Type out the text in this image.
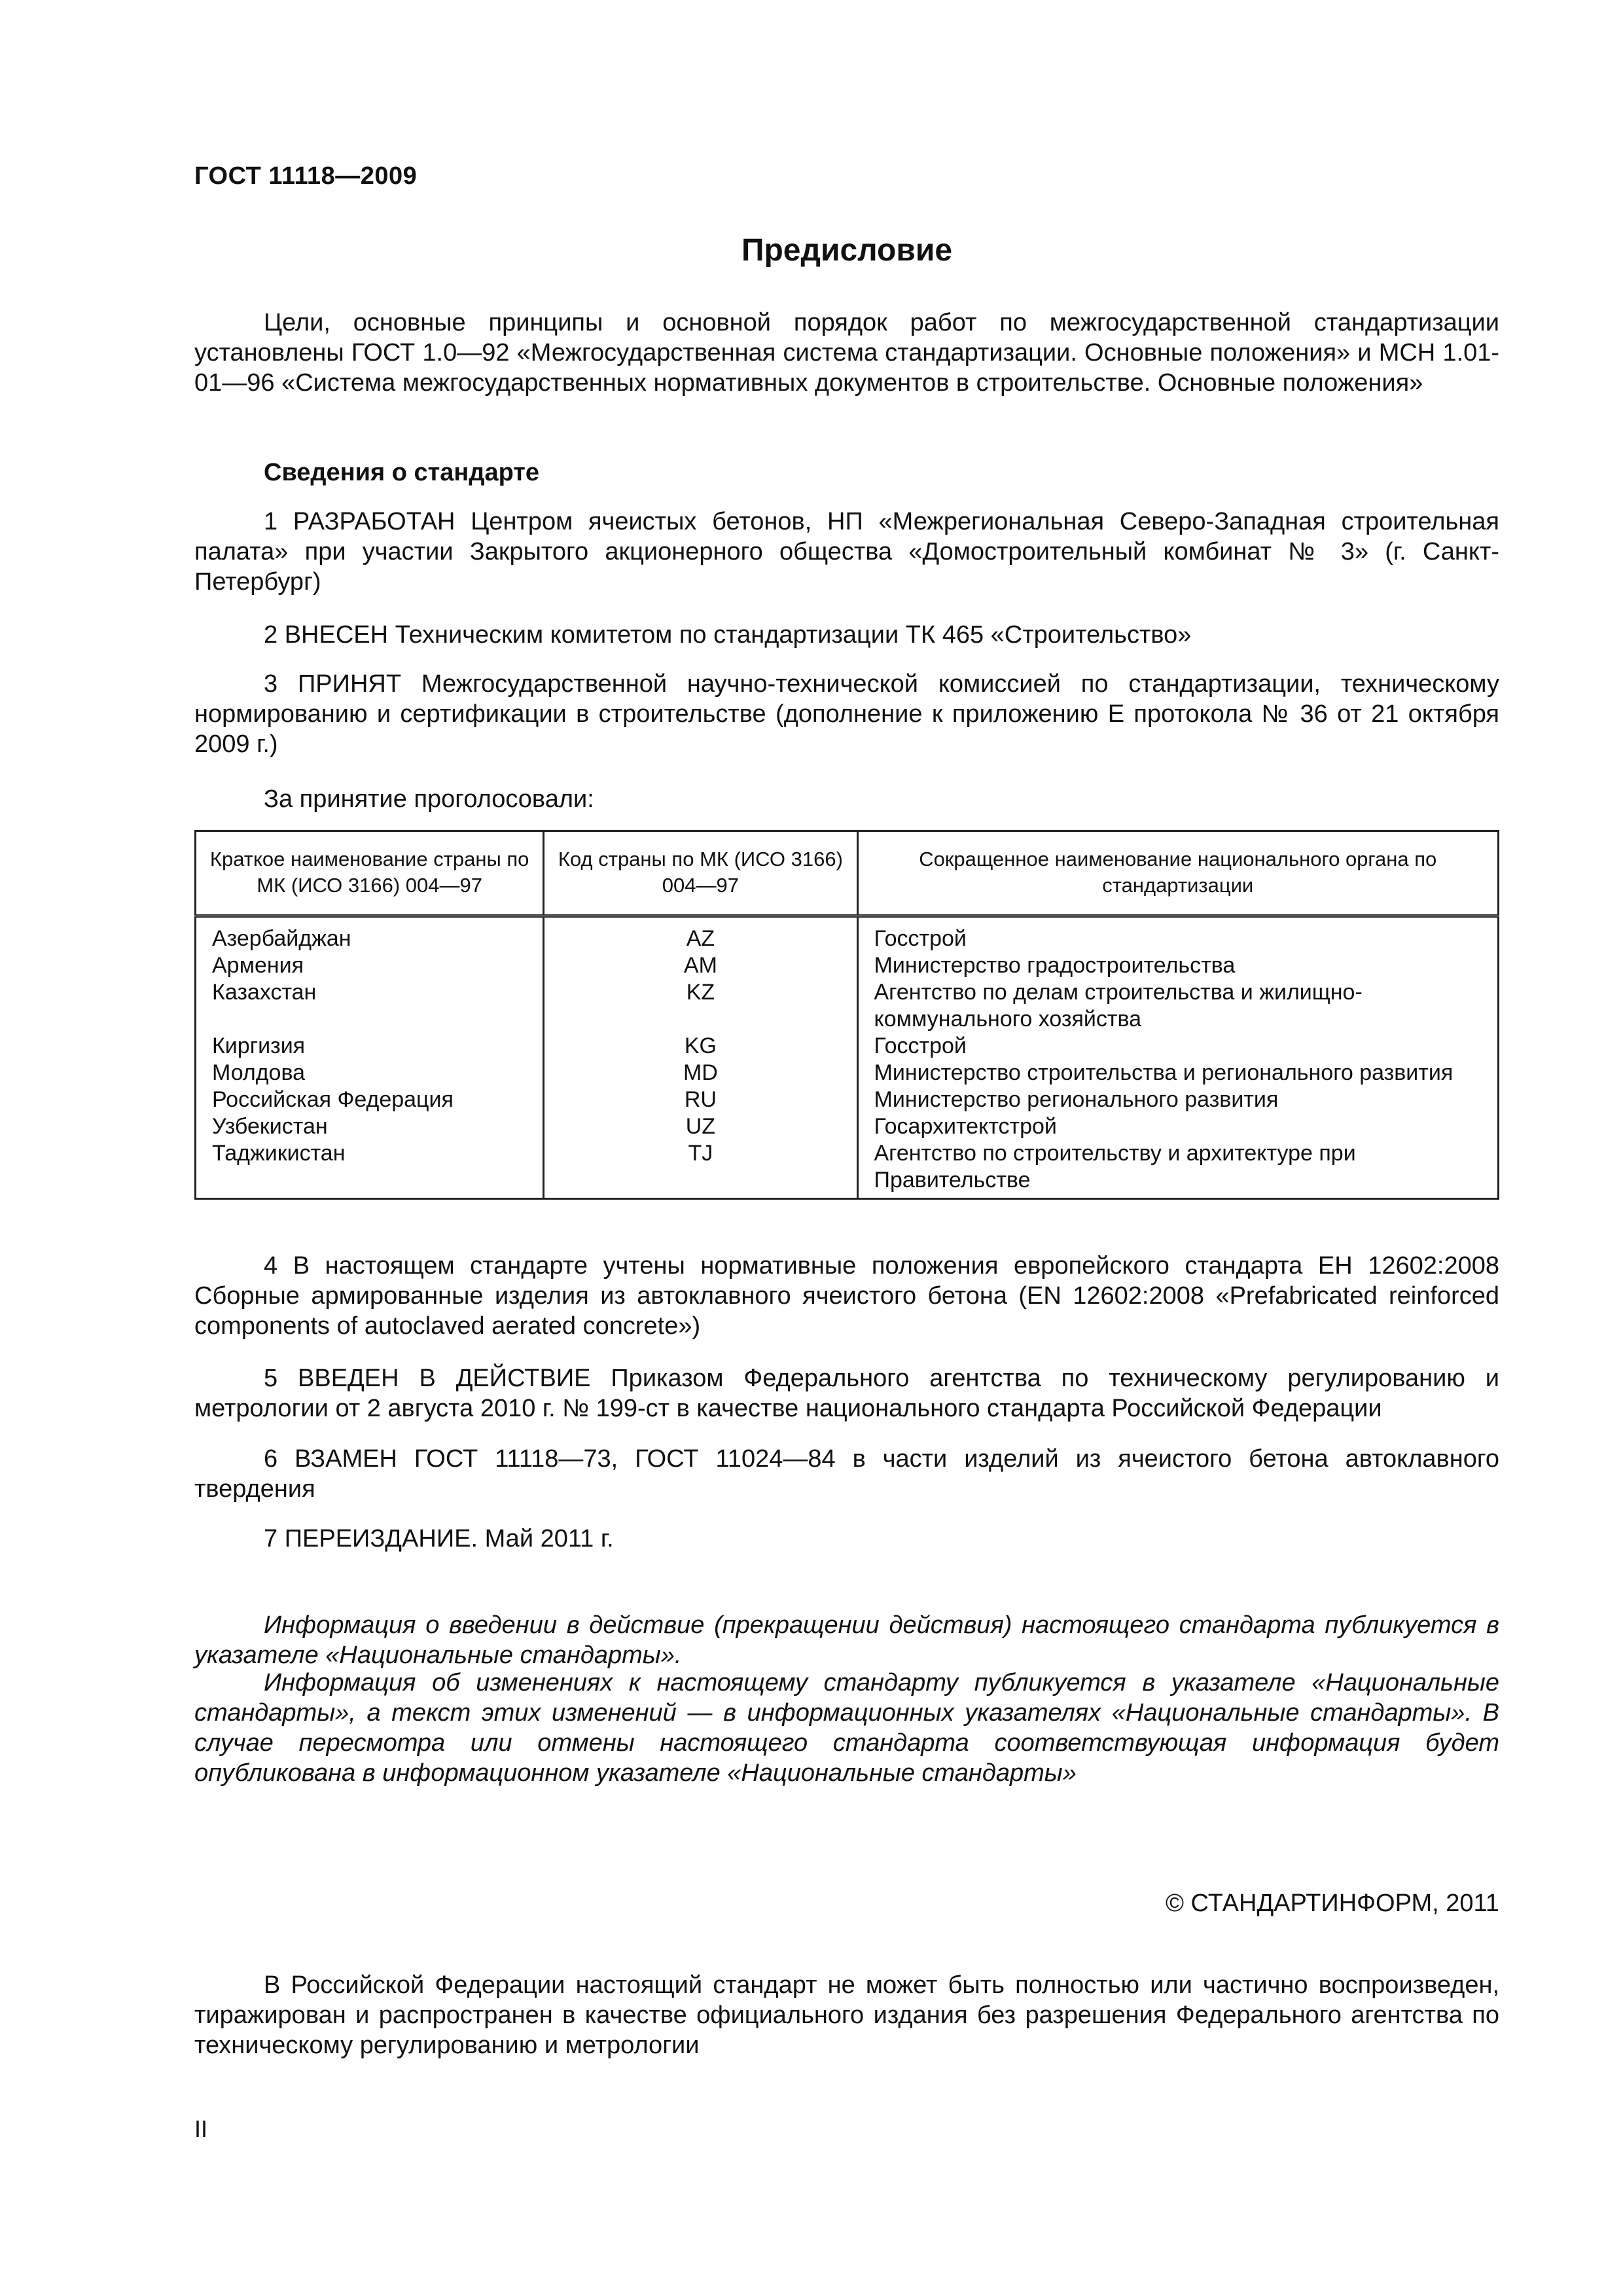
ГОСТ 11118—2009
Предисловие

Цели, основные принципы и основной порядок работ по межгосударственной стандартизации установлены ГОСТ 1.0—92 «Межгосударственная система стандартизации. Основные положения» и МСН 1.01-01—96 «Система межгосударственных нормативных документов в строительстве. Основные положения»

Сведения о стандарте

1 РАЗРАБОТАН Центром ячеистых бетонов, НП «Межрегиональная Северо-Западная строительная палата» при участии Закрытого акционерного общества «Домостроительный комбинат № 3» (г. Санкт-Петербург)

2 ВНЕСЕН Техническим комитетом по стандартизации ТК 465 «Строительство»

3 ПРИНЯТ Межгосударственной научно-технической комиссией по стандартизации, техническому нормированию и сертификации в строительстве (дополнение к приложению Е протокола № 36 от 21 октября 2009 г.)

За принятие проголосовали:
Краткое наименование страны по МК (ИСО 3166) 004—97	Код страны по МК (ИСО 3166) 004—97	Сокращенное наименование национального органа по стандартизации
Азербайджан	AZ	Госстрой
Армения	AM	Министерство градостроительства
Казахстан	KZ	Агентство по делам строительства и жилищно-коммунального хозяйства
Киргизия	KG	Госстрой
Молдова	MD	Министерство строительства и регионального развития
Российская Федерация	RU	Министерство регионального развития
Узбекистан	UZ	Госархитектстрой
Таджикистан	TJ	Агентство по строительству и архитектуре при Правительстве

4 В настоящем стандарте учтены нормативные положения европейского стандарта ЕН 12602:2008 Сборные армированные изделия из автоклавного ячеистого бетона (EN 12602:2008 «Prefabricated reinforced components of autoclaved aerated concrete»)

5 ВВЕДЕН В ДЕЙСТВИЕ Приказом Федерального агентства по техническому регулированию и метрологии от 2 августа 2010 г. № 199-ст в качестве национального стандарта Российской Федерации

6 ВЗАМЕН ГОСТ 11118—73, ГОСТ 11024—84 в части изделий из ячеистого бетона автоклавного твердения

7 ПЕРЕИЗДАНИЕ. Май 2011 г.

Информация о введении в действие (прекращении действия) настоящего стандарта публикуется в указателе «Национальные стандарты».

Информация об изменениях к настоящему стандарту публикуется в указателе «Национальные стандарты», а текст этих изменений — в информационных указателях «Национальные стандарты». В случае пересмотра или отмены настоящего стандарта соответствующая информация будет опубликована в информационном указателе «Национальные стандарты»

© СТАНДАРТИНФОРМ, 2011

В Российской Федерации настоящий стандарт не может быть полностью или частично воспроизведен, тиражирован и распространен в качестве официального издания без разрешения Федерального агентства по техническому регулированию и метрологии

II
